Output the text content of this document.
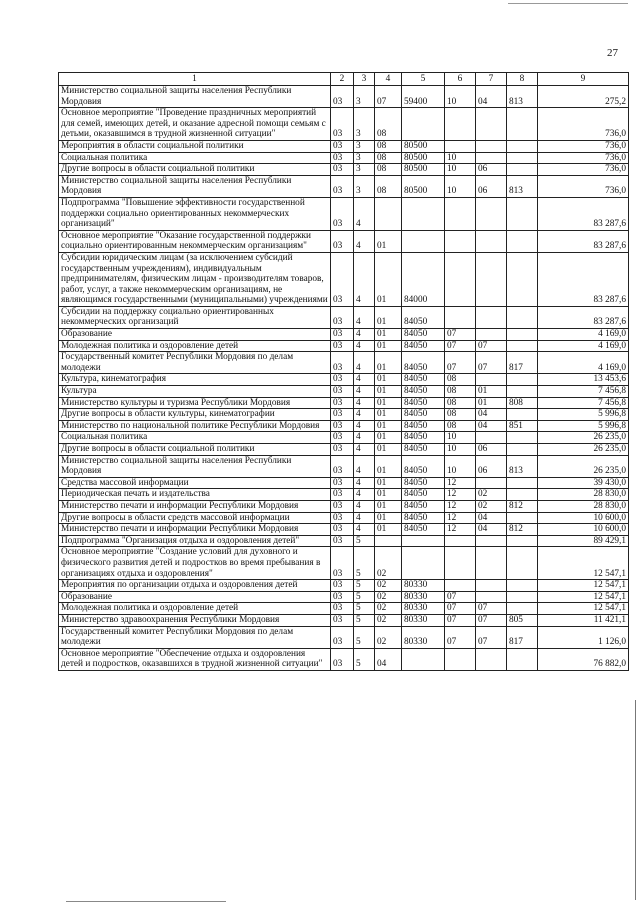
27
1	2	3	4	5	6	7	8	9
Министерство социальной защиты населения Республики Мордовия	03	3	07	59400	10	04	813	275,2
Основное мероприятие "Проведение праздничных мероприятий для семей, имеющих детей, и оказание адресной помощи семьям с детьми, оказавшимся в трудной жизненной ситуации"	03	3	08					736,0
Мероприятия в области социальной политики	03	3	08	80500				736,0
Социальная политика	03	3	08	80500	10			736,0
Другие вопросы в области социальной политики	03	3	08	80500	10	06		736,0
Министерство социальной защиты населения Республики Мордовия	03	3	08	80500	10	06	813	736,0
Подпрограмма "Повышение эффективности государственной поддержки социально ориентированных некоммерческих организаций"	03	4						83 287,6
Основное мероприятие "Оказание государственной поддержки социально ориентированным некоммерческим организациям"	03	4	01					83 287,6
Субсидии юридическим лицам (за исключением субсидий государственным учреждениям), индивидуальным предпринимателям, физическим лицам - производителям товаров, работ, услуг, а также некоммерческим организациям, не являющимся государственными (муниципальными) учреждениями	03	4	01	84000				83 287,6
Субсидии на поддержку социально ориентированных некоммерческих организаций	03	4	01	84050				83 287,6
Образование	03	4	01	84050	07			4 169,0
Молодежная политика и оздоровление детей	03	4	01	84050	07	07		4 169,0
Государственный комитет Республики Мордовия по делам молодежи	03	4	01	84050	07	07	817	4 169,0
Культура, кинематография	03	4	01	84050	08			13 453,6
Культура	03	4	01	84050	08	01		7 456,8
Министерство культуры и туризма Республики Мордовия	03	4	01	84050	08	01	808	7 456,8
Другие вопросы в области культуры, кинематографии	03	4	01	84050	08	04		5 996,8
Министерство по национальной политике Республики Мордовия	03	4	01	84050	08	04	851	5 996,8
Социальная политика	03	4	01	84050	10			26 235,0
Другие вопросы в области социальной политики	03	4	01	84050	10	06		26 235,0
Министерство социальной защиты населения Республики Мордовия	03	4	01	84050	10	06	813	26 235,0
Средства массовой информации	03	4	01	84050	12			39 430,0
Периодическая печать и издательства	03	4	01	84050	12	02		28 830,0
Министерство печати и информации Республики Мордовия	03	4	01	84050	12	02	812	28 830,0
Другие вопросы в области средств массовой информации	03	4	01	84050	12	04		10 600,0
Министерство печати и информации Республики Мордовия	03	4	01	84050	12	04	812	10 600,0
Подпрограмма "Организация отдыха и оздоровления детей"	03	5						89 429,1
Основное мероприятие "Создание условий для духовного и физического развития детей и подростков во время пребывания в организациях отдыха и оздоровления"	03	5	02					12 547,1
Мероприятия по организации отдыха и оздоровления детей	03	5	02	80330				12 547,1
Образование	03	5	02	80330	07			12 547,1
Молодежная политика и оздоровление детей	03	5	02	80330	07	07		12 547,1
Министерство здравоохранения Республики Мордовия	03	5	02	80330	07	07	805	11 421,1
Государственный комитет Республики Мордовия по делам молодежи	03	5	02	80330	07	07	817	1 126,0
Основное мероприятие "Обеспечение отдыха и оздоровления детей и подростков, оказавшихся в трудной жизненной ситуации"	03	5	04					76 882,0
